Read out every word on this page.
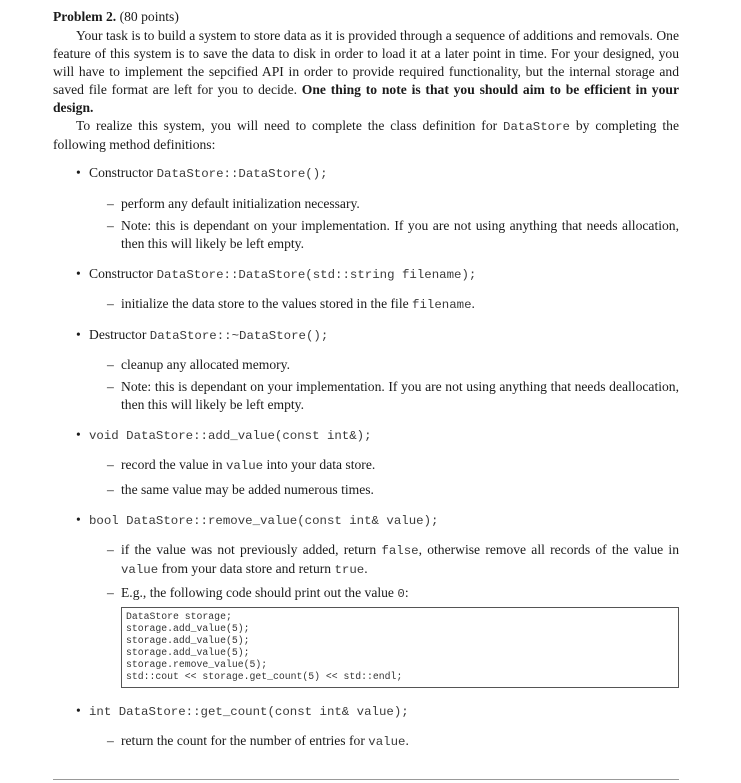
Problem 2. (80 points)

Your task is to build a system to store data as it is provided through a sequence of additions and removals. One feature of this system is to save the data to disk in order to load it at a later point in time. For your designed, you will have to implement the sepcified API in order to provide required functionality, but the internal storage and saved file format are left for you to decide. One thing to note is that you should aim to be efficient in your design.

To realize this system, you will need to complete the class definition for DataStore by completing the following method definitions:

• Constructor DataStore::DataStore();
– perform any default initialization necessary.
– Note: this is dependant on your implementation. If you are not using anything that needs allocation, then this will likely be left empty.
• Constructor DataStore::DataStore(std::string filename);
– initialize the data store to the values stored in the file filename.
• Destructor DataStore::~DataStore();
– cleanup any allocated memory.
– Note: this is dependant on your implementation. If you are not using anything that needs deallocation, then this will likely be left empty.
• void DataStore::add_value(const int&);
– record the value in value into your data store.
– the same value may be added numerous times.
• bool DataStore::remove_value(const int& value);
– if the value was not previously added, return false, otherwise remove all records of the value in value from your data store and return true.
– E.g., the following code should print out the value 0:
DataStore storage;
storage.add_value(5);
storage.add_value(5);
storage.add_value(5);
storage.remove_value(5);
std::cout << storage.get_count(5) << std::endl;
• int DataStore::get_count(const int& value);
– return the count for the number of entries for value.
